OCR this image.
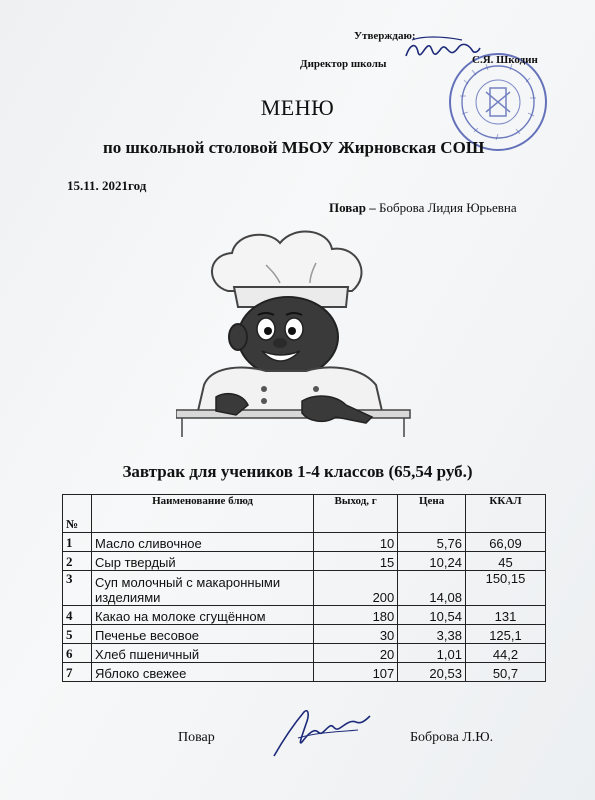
Утверждаю:
Директор школы	С.Я. Шкодин
МЕНЮ
по школьной столовой МБОУ Жирновская СОШ
15.11. 2021год
Повар – Боброва Лидия Юрьевна
Завтрак для учеников 1-4 классов (65,54 руб.)
№	Наименование блюд	Выход, г	Цена	ККАЛ
1	Масло сливочное	10	5,76	66,09
2	Сыр твердый	15	10,24	45
3	Суп молочный с макаронными изделиями	200	14,08	150,15
4	Какао на молоке сгущённом	180	10,54	131
5	Печенье весовое	30	3,38	125,1
6	Хлеб пшеничный	20	1,01	44,2
7	Яблоко свежее	107	20,53	50,7
Повар	Боброва Л.Ю.
